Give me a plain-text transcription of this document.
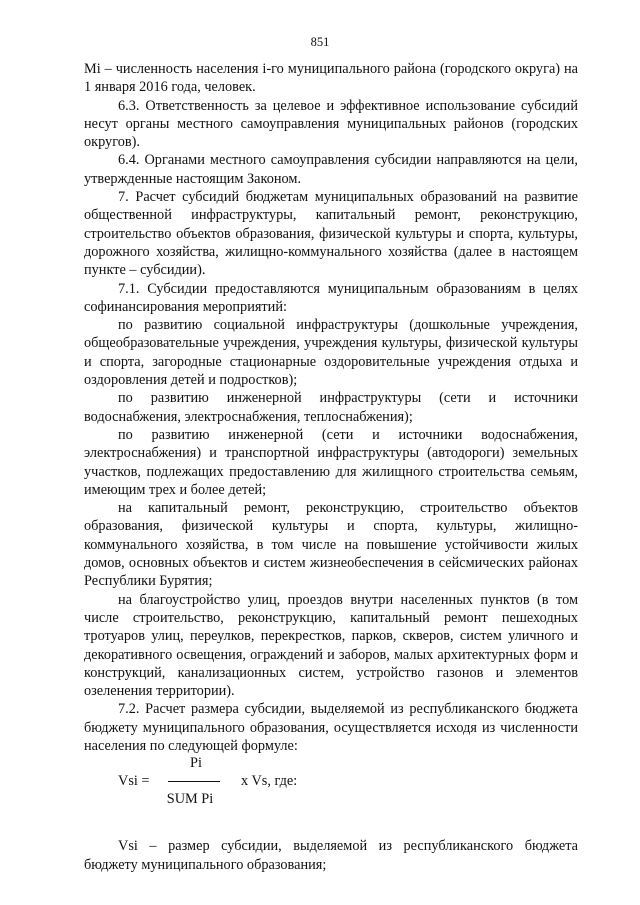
851

Mi – численность населения i-го муниципального района (городского округа) на 1 января 2016 года, человек.

6.3. Ответственность за целевое и эффективное использование субсидий несут органы местного самоуправления муниципальных районов (городских округов).

6.4. Органами местного самоуправления субсидии направляются на цели, утвержденные настоящим Законом.

7. Расчет субсидий бюджетам муниципальных образований на развитие общественной инфраструктуры, капитальный ремонт, реконструкцию, строительство объектов образования, физической культуры и спорта, культуры, дорожного хозяйства, жилищно-коммунального хозяйства (далее в настоящем пункте – субсидии).

7.1. Субсидии предоставляются муниципальным образованиям в целях софинансирования мероприятий:

по развитию социальной инфраструктуры (дошкольные учреждения, общеобразовательные учреждения, учреждения культуры, физической культуры и спорта, загородные стационарные оздоровительные учреждения отдыха и оздоровления детей и подростков);

по развитию инженерной инфраструктуры (сети и источники водоснабжения, электроснабжения, теплоснабжения);

по развитию инженерной (сети и источники водоснабжения, электроснабжения) и транспортной инфраструктуры (автодороги) земельных участков, подлежащих предоставлению для жилищного строительства семьям, имеющим трех и более детей;

на капитальный ремонт, реконструкцию, строительство объектов образования, физической культуры и спорта, культуры, жилищно-коммунального хозяйства, в том числе на повышение устойчивости жилых домов, основных объектов и систем жизнеобеспечения в сейсмических районах Республики Бурятия;

на благоустройство улиц, проездов внутри населенных пунктов (в том числе строительство, реконструкцию, капитальный ремонт пешеходных тротуаров улиц, переулков, перекрестков, парков, скверов, систем уличного и декоративного освещения, ограждений и заборов, малых архитектурных форм и конструкций, канализационных систем, устройство газонов и элементов озеленения территории).

7.2. Расчет размера субсидии, выделяемой из республиканского бюджета бюджету муниципального образования, осуществляется исходя из численности населения по следующей формуле:

Vsi =
Pi
SUM Pi
x Vs, где:

Vsi – размер субсидии, выделяемой из республиканского бюджета бюджету муниципального образования;
